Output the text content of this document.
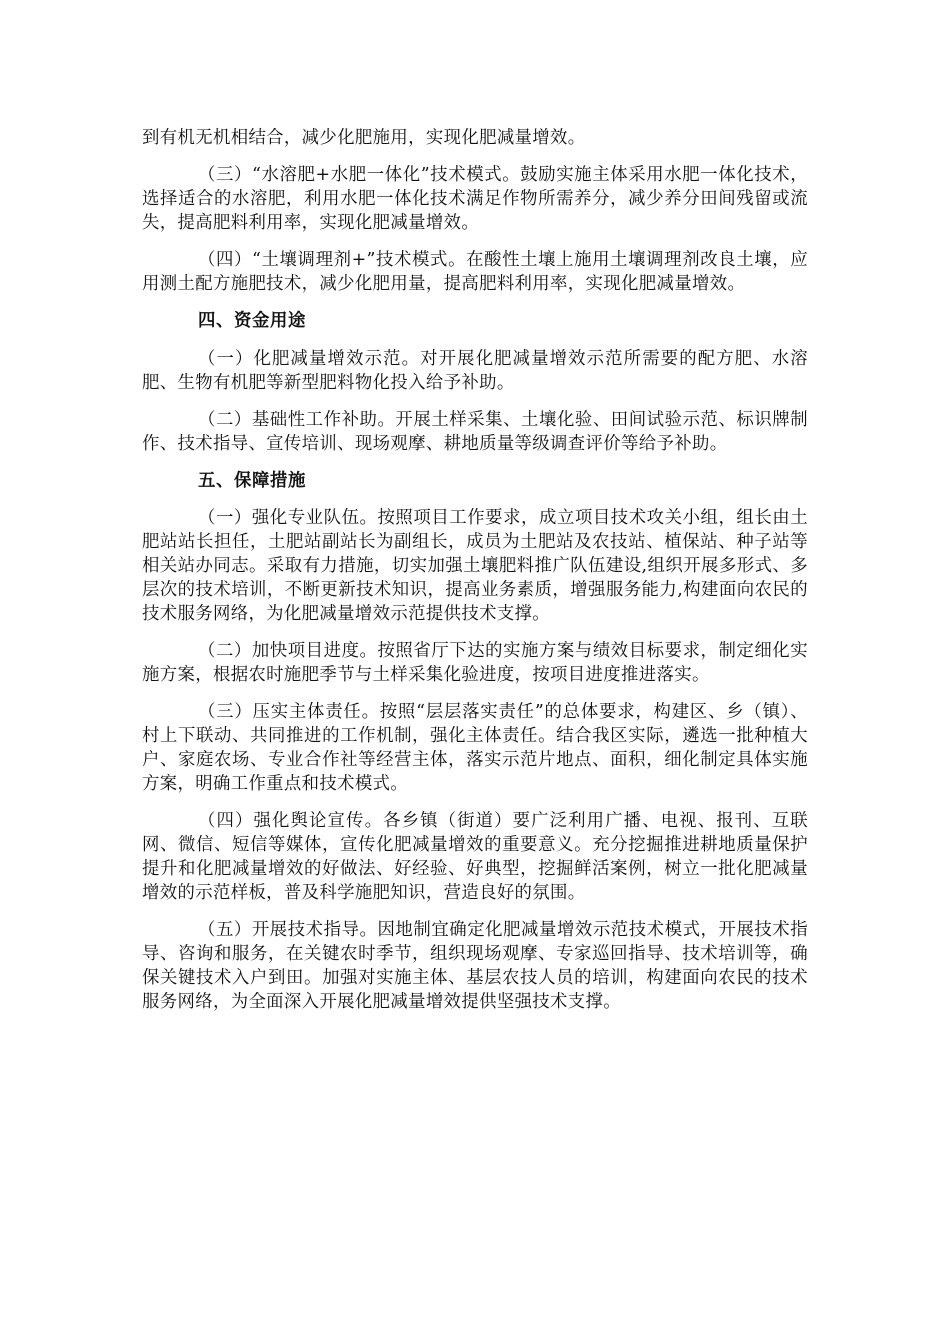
到有机无机相结合，减少化肥施用，实现化肥减量增效。

（三）“水溶肥+水肥一体化”技术模式。鼓励实施主体采用水肥一体化技术，选择适合的水溶肥，利用水肥一体化技术满足作物所需养分，减少养分田间残留或流失，提高肥料利用率，实现化肥减量增效。

（四）“土壤调理剂+”技术模式。在酸性土壤上施用土壤调理剂改良土壤，应用测土配方施肥技术，减少化肥用量，提高肥料利用率，实现化肥减量增效。

四、资金用途

（一）化肥减量增效示范。对开展化肥减量增效示范所需要的配方肥、水溶肥、生物有机肥等新型肥料物化投入给予补助。

（二）基础性工作补助。开展土样采集、土壤化验、田间试验示范、标识牌制作、技术指导、宣传培训、现场观摩、耕地质量等级调查评价等给予补助。

五、保障措施

（一）强化专业队伍。按照项目工作要求，成立项目技术攻关小组，组长由土肥站站长担任，土肥站副站长为副组长，成员为土肥站及农技站、植保站、种子站等相关站办同志。采取有力措施，切实加强土壤肥料推广队伍建设,组织开展多形式、多层次的技术培训，不断更新技术知识，提高业务素质，增强服务能力,构建面向农民的技术服务网络，为化肥减量增效示范提供技术支撑。

（二）加快项目进度。按照省厅下达的实施方案与绩效目标要求，制定细化实施方案，根据农时施肥季节与土样采集化验进度，按项目进度推进落实。

（三）压实主体责任。按照“层层落实责任”的总体要求，构建区、乡（镇）、村上下联动、共同推进的工作机制，强化主体责任。结合我区实际，遴选一批种植大户、家庭农场、专业合作社等经营主体，落实示范片地点、面积，细化制定具体实施方案，明确工作重点和技术模式。

（四）强化舆论宣传。各乡镇（街道）要广泛利用广播、电视、报刊、互联网、微信、短信等媒体，宣传化肥减量增效的重要意义。充分挖掘推进耕地质量保护提升和化肥减量增效的好做法、好经验、好典型，挖掘鲜活案例，树立一批化肥减量增效的示范样板，普及科学施肥知识，营造良好的氛围。

（五）开展技术指导。因地制宜确定化肥减量增效示范技术模式，开展技术指导、咨询和服务，在关键农时季节，组织现场观摩、专家巡回指导、技术培训等，确保关键技术入户到田。加强对实施主体、基层农技人员的培训，构建面向农民的技术服务网络，为全面深入开展化肥减量增效提供坚强技术支撑。
